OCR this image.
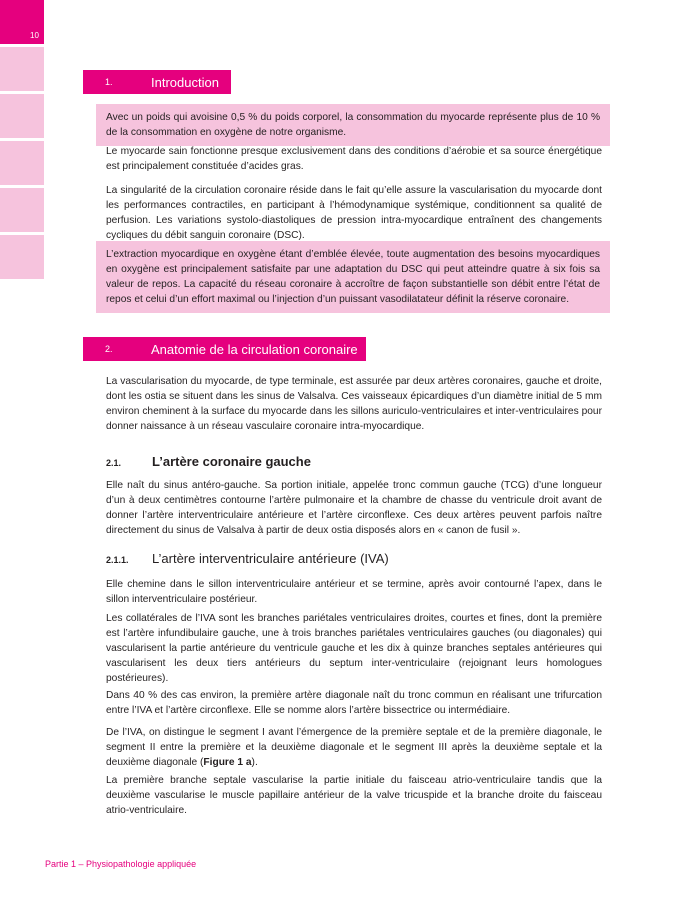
10
1.	Introduction

Avec un poids qui avoisine 0,5 % du poids corporel, la consommation du myocarde représente plus de 10 % de la consommation en oxygène de notre organisme.

Le myocarde sain fonctionne presque exclusivement dans des conditions d’aérobie et sa source énergétique est principalement constituée d’acides gras.

La singularité de la circulation coronaire réside dans le fait qu’elle assure la vascularisation du myocarde dont les performances contractiles, en participant à l’hémodynamique systémique, conditionnent sa qualité de perfusion. Les variations systolo-diastoliques de pression intra-myocardique entraînent des changements cycliques du débit sanguin coronaire (DSC).

L’extraction myocardique en oxygène étant d’emblée élevée, toute augmentation des besoins myocardiques en oxygène est principalement satisfaite par une adaptation du DSC qui peut atteindre quatre à six fois sa valeur de repos. La capacité du réseau coronaire à accroître de façon substantielle son débit entre l’état de repos et celui d’un effort maximal ou l’injection d’un puissant vasodilatateur définit la réserve coronaire.

2.	Anatomie de la circulation coronaire

La vascularisation du myocarde, de type terminale, est assurée par deux artères coronaires, gauche et droite, dont les ostia se situent dans les sinus de Valsalva. Ces vaisseaux épicardiques d’un diamètre initial de 5 mm environ cheminent à la surface du myocarde dans les sillons auriculo-ventriculaires et inter-ventriculaires pour donner naissance à un réseau vasculaire coronaire intra-myocardique.

2.1.	L’artère coronaire gauche

Elle naît du sinus antéro-gauche. Sa portion initiale, appelée tronc commun gauche (TCG) d’une longueur d’un à deux centimètres contourne l’artère pulmonaire et la chambre de chasse du ventricule droit avant de donner l’artère interventriculaire antérieure et l’artère circonflexe. Ces deux artères peuvent parfois naître directement du sinus de Valsalva à partir de deux ostia disposés alors en « canon de fusil ».

2.1.1.	L’artère interventriculaire antérieure (IVA)

Elle chemine dans le sillon interventriculaire antérieur et se termine, après avoir contourné l’apex, dans le sillon interventriculaire postérieur.

Les collatérales de l’IVA sont les branches pariétales ventriculaires droites, courtes et fines, dont la première est l’artère infundibulaire gauche, une à trois branches pariétales ventriculaires gauches (ou diagonales) qui vascularisent la partie antérieure du ventricule gauche et les dix à quinze branches septales antérieures qui vascularisent les deux tiers antérieurs du septum inter-ventriculaire (rejoignant leurs homologues postérieures).

Dans 40 % des cas environ, la première artère diagonale naît du tronc commun en réalisant une trifurcation entre l’IVA et l’artère circonflexe. Elle se nomme alors l’artère bissectrice ou intermédiaire.

De l’IVA, on distingue le segment I avant l’émergence de la première septale et de la première diagonale, le segment II entre la première et la deuxième diagonale et le segment III après la deuxième septale et la deuxième diagonale (Figure 1 a).

La première branche septale vascularise la partie initiale du faisceau atrio-ventriculaire tandis que la deuxième vascularise le muscle papillaire antérieur de la valve tricuspide et la branche droite du faisceau atrio-ventriculaire.

Partie 1 – Physiopathologie appliquée
